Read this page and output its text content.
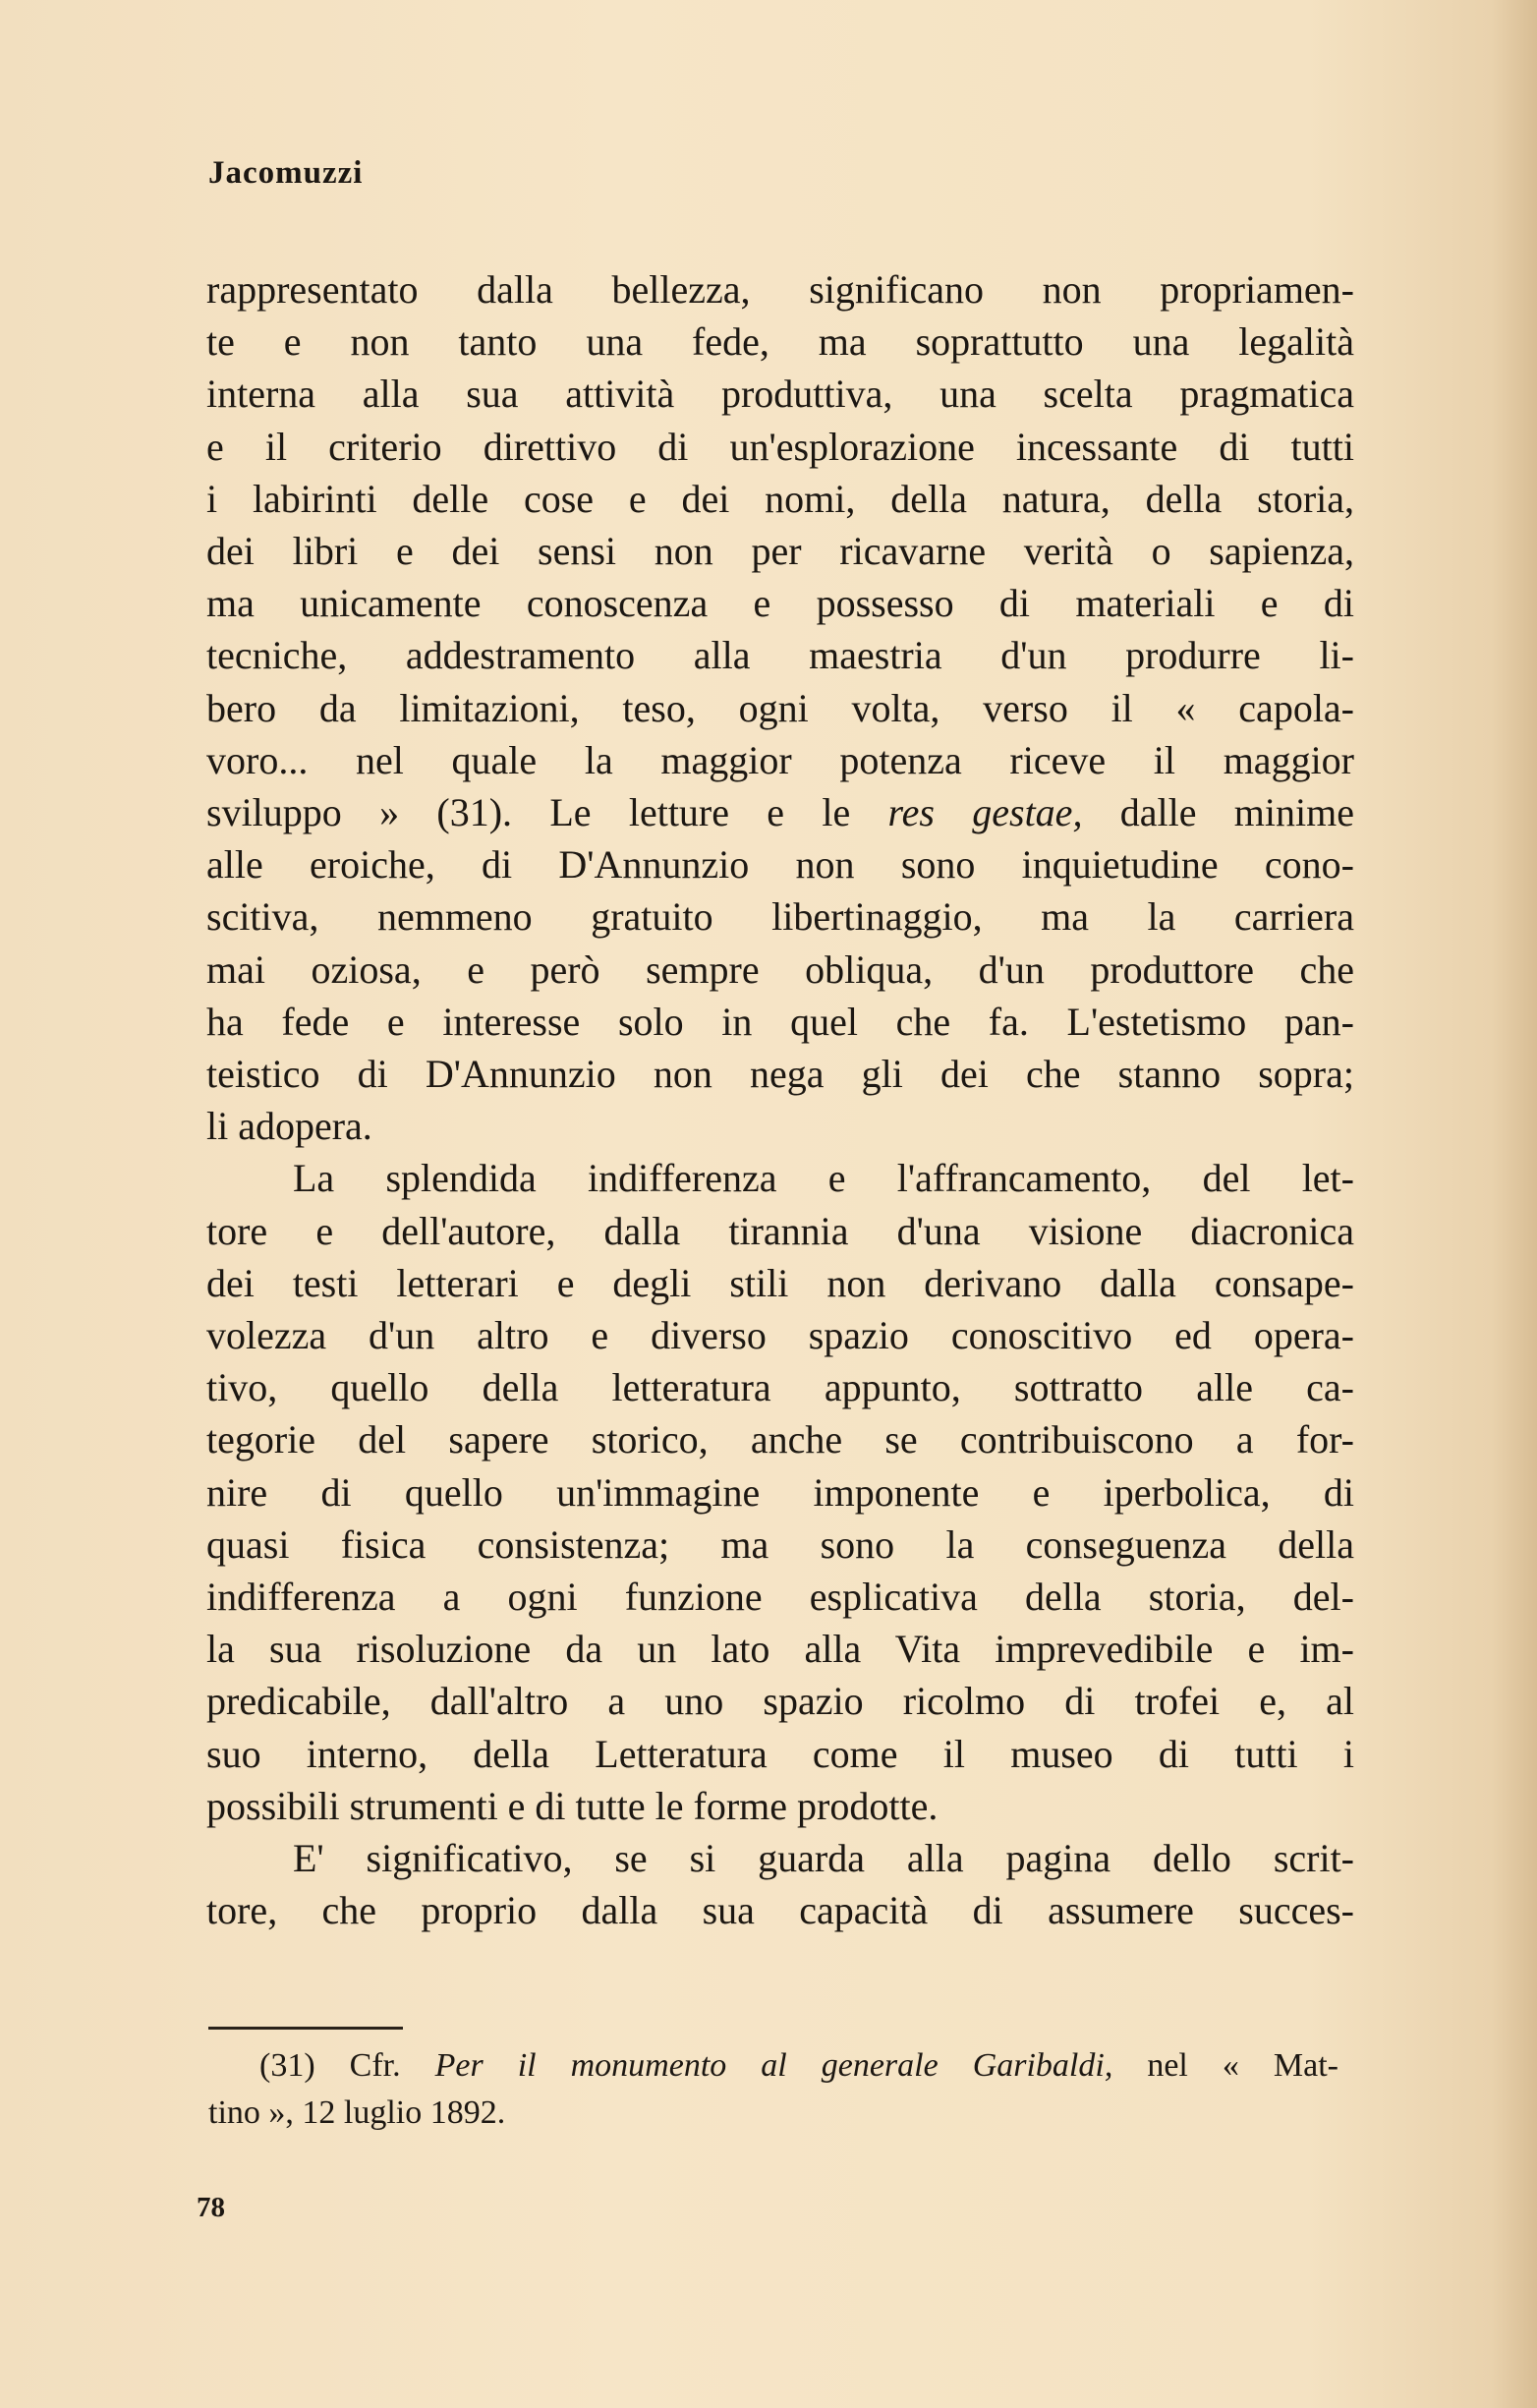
Jacomuzzi
rappresentato dalla bellezza, significano non propriamen-
te e non tanto una fede, ma soprattutto una legalità
interna alla sua attività produttiva, una scelta pragmatica
e il criterio direttivo di un'esplorazione incessante di tutti
i labirinti delle cose e dei nomi, della natura, della storia,
dei libri e dei sensi non per ricavarne verità o sapienza,
ma unicamente conoscenza e possesso di materiali e di
tecniche, addestramento alla maestria d'un produrre li-
bero da limitazioni, teso, ogni volta, verso il « capola-
voro... nel quale la maggior potenza riceve il maggior
sviluppo » (31). Le letture e le res gestae, dalle minime
alle eroiche, di D'Annunzio non sono inquietudine cono-
scitiva, nemmeno gratuito libertinaggio, ma la carriera
mai oziosa, e però sempre obliqua, d'un produttore che
ha fede e interesse solo in quel che fa. L'estetismo pan-
teistico di D'Annunzio non nega gli dei che stanno sopra;
li adopera.
La splendida indifferenza e l'affrancamento, del let-
tore e dell'autore, dalla tirannia d'una visione diacronica
dei testi letterari e degli stili non derivano dalla consape-
volezza d'un altro e diverso spazio conoscitivo ed opera-
tivo, quello della letteratura appunto, sottratto alle ca-
tegorie del sapere storico, anche se contribuiscono a for-
nire di quello un'immagine imponente e iperbolica, di
quasi fisica consistenza; ma sono la conseguenza della
indifferenza a ogni funzione esplicativa della storia, del-
la sua risoluzione da un lato alla Vita imprevedibile e im-
predicabile, dall'altro a uno spazio ricolmo di trofei e, al
suo interno, della Letteratura come il museo di tutti i
possibili strumenti e di tutte le forme prodotte.
E' significativo, se si guarda alla pagina dello scrit-
tore, che proprio dalla sua capacità di assumere succes-
(31) Cfr. Per il monumento al generale Garibaldi, nel « Mat-
tino », 12 luglio 1892.
78
